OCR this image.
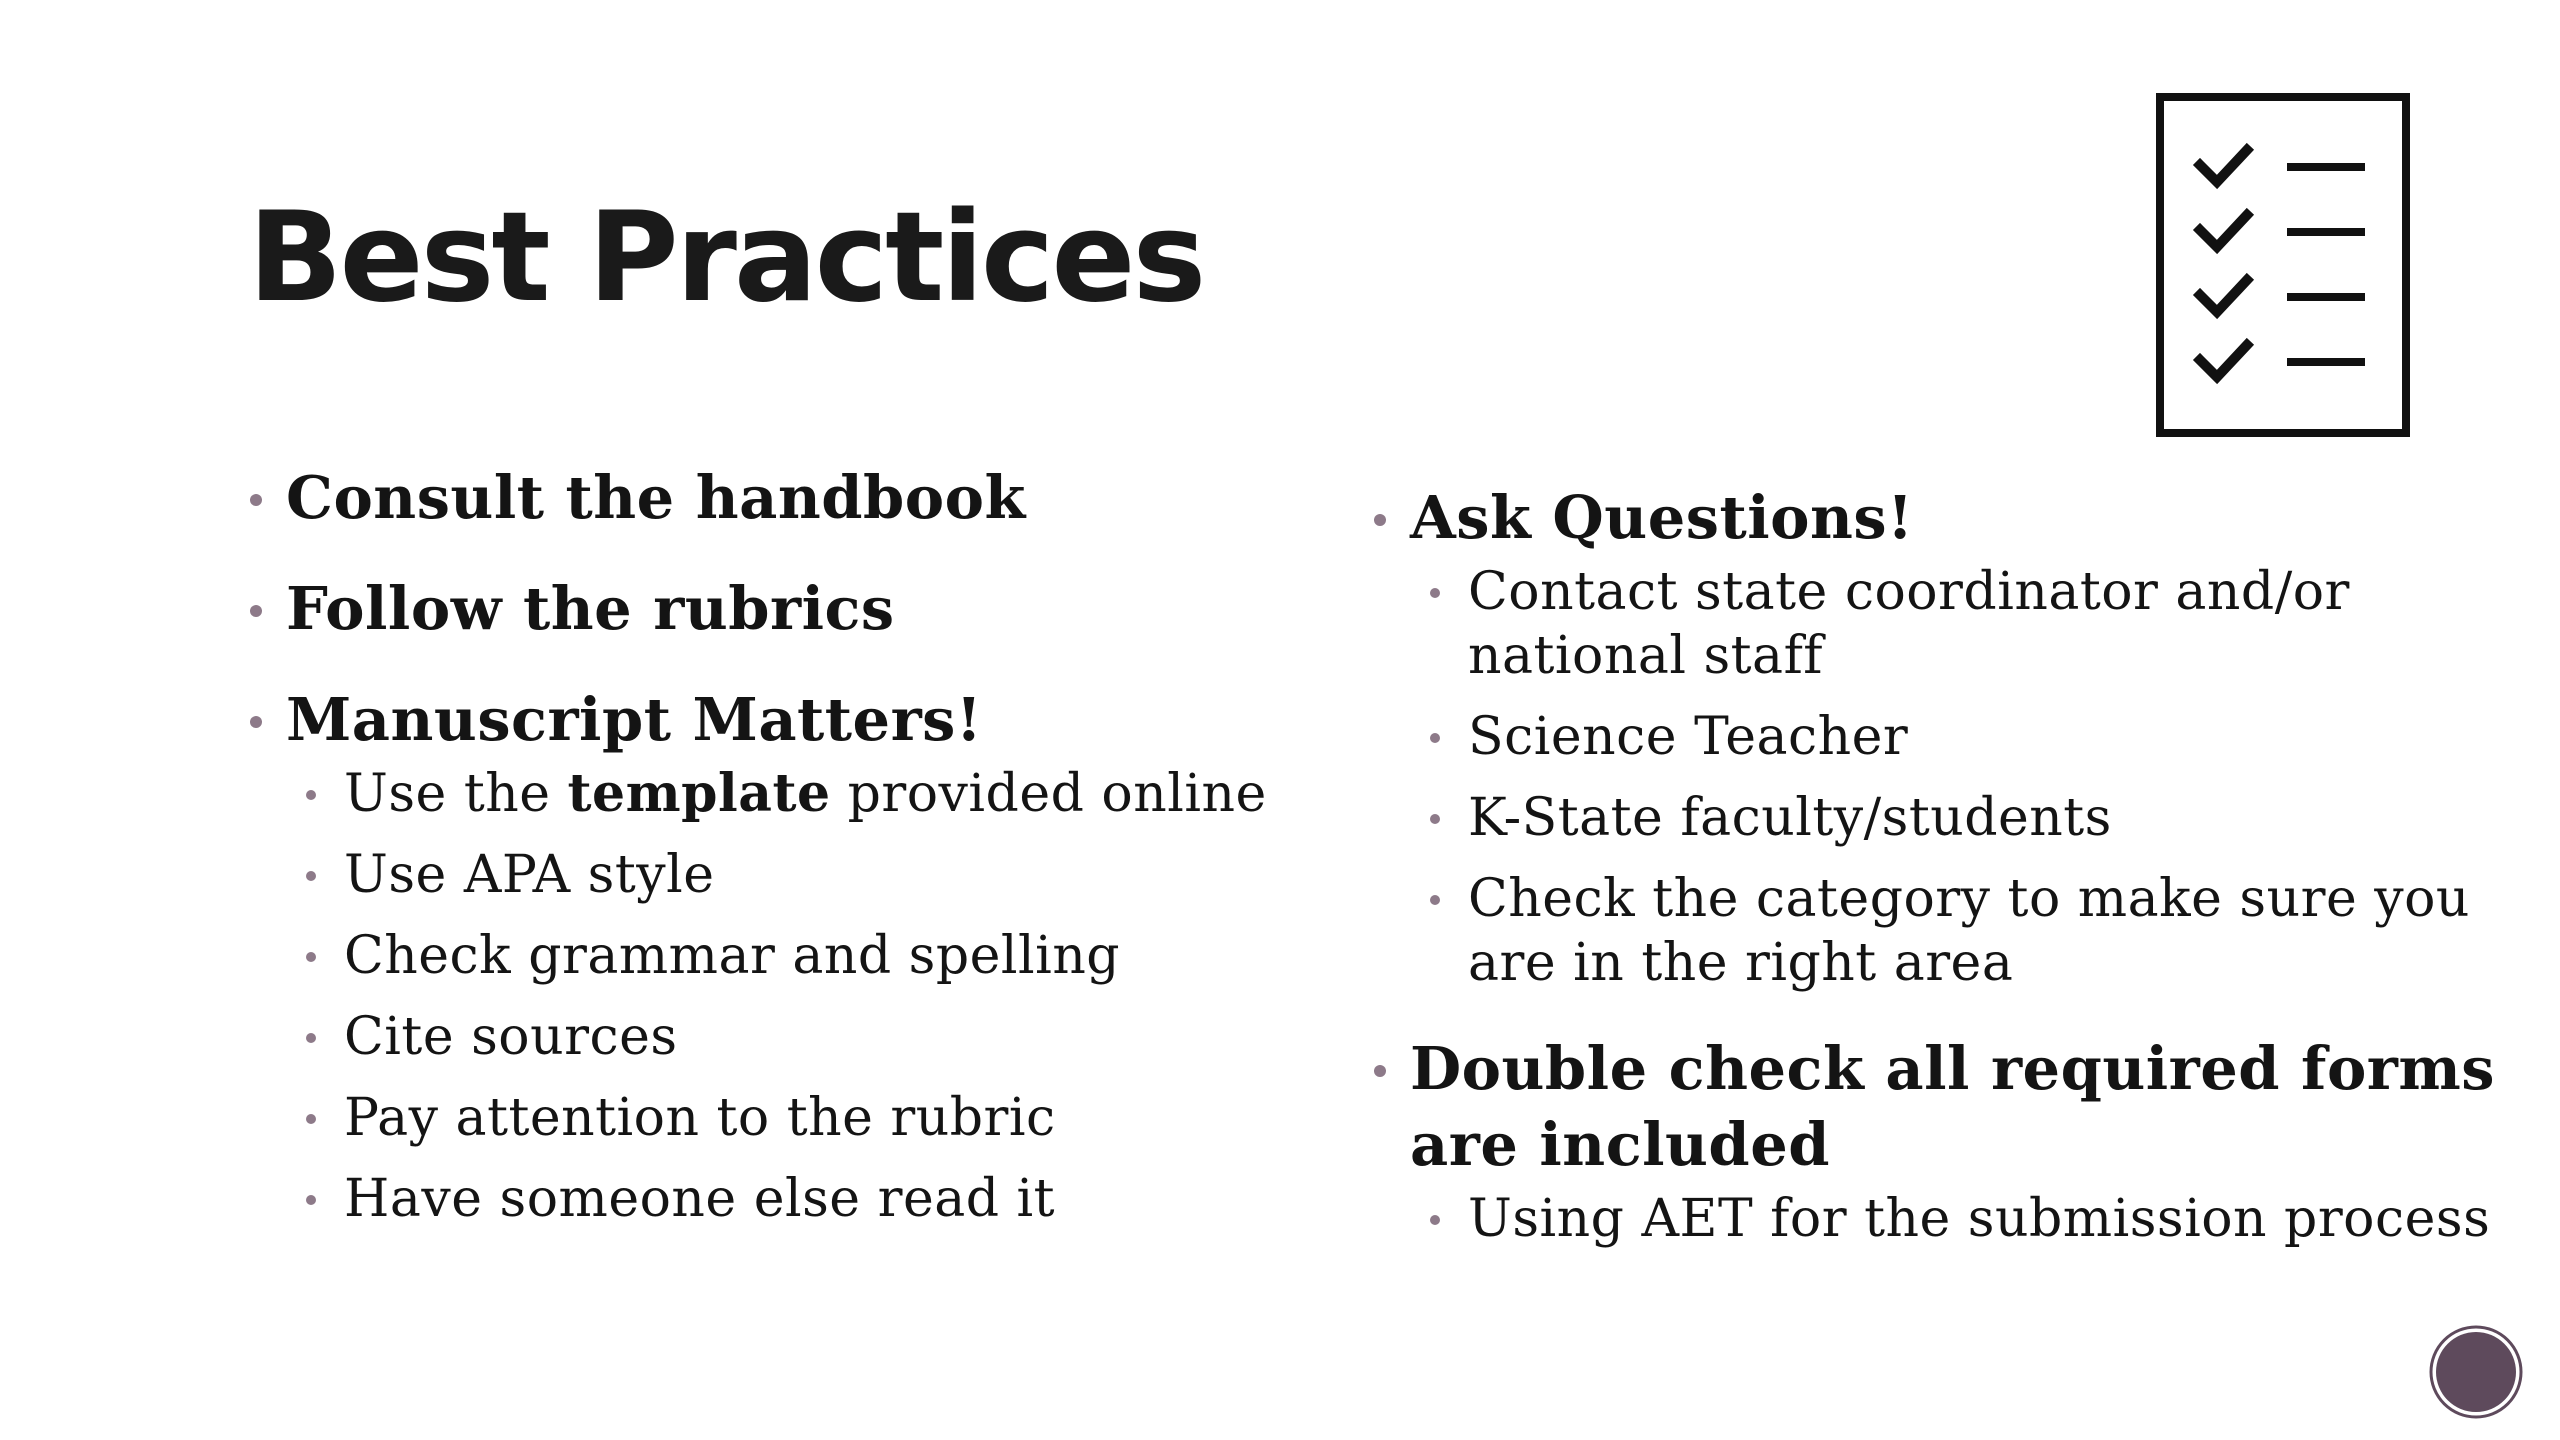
Best Practices
Consult the handbook
Follow the rubrics
Manuscript Matters!
Use the template provided online
Use APA style
Check grammar and spelling
Cite sources
Pay attention to the rubric
Have someone else read it
Ask Questions!
Contact state coordinator and/or national staff
Science Teacher
K-State faculty/students
Check the category to make sure you are in the right area
Double check all required forms are included
Using AET for the submission process
